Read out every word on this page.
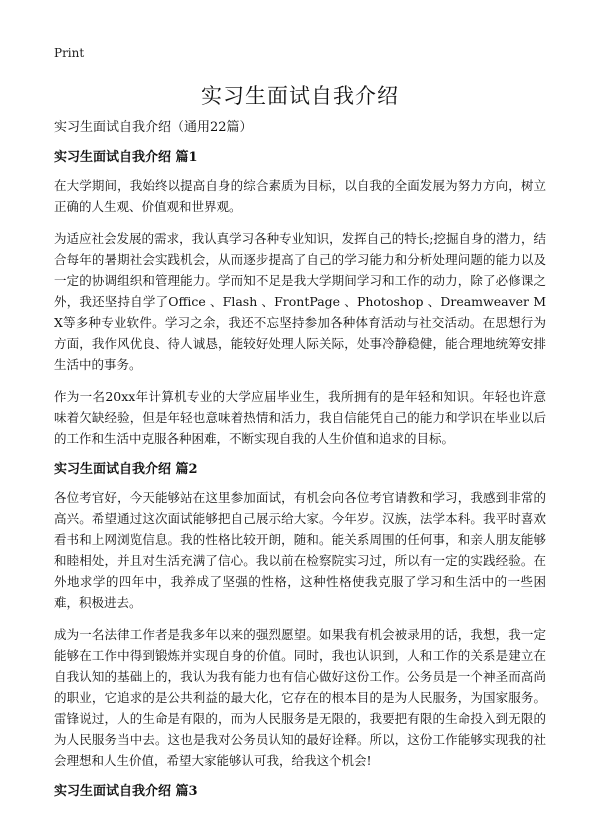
Print
实习生面试自我介绍

实习生面试自我介绍（通用22篇）

实习生面试自我介绍 篇1

在大学期间，我始终以提高自身的综合素质为目标，以自我的全面发展为努力方向，树立正确的人生观、价值观和世界观。

为适应社会发展的需求，我认真学习各种专业知识，发挥自己的特长;挖掘自身的潜力，结合每年的暑期社会实践机会，从而逐步提高了自己的学习能力和分析处理问题的能力以及一定的协调组织和管理能力。学而知不足是我大学期间学习和工作的动力，除了必修课之外，我还坚持自学了Office 、Flash 、FrontPage 、Photoshop 、Dreamweaver MX等多种专业软件。学习之余，我还不忘坚持参加各种体育活动与社交活动。在思想行为方面，我作风优良、待人诚恳，能较好处理人际关际，处事冷静稳健，能合理地统筹安排生活中的事务。

作为一名20xx年计算机专业的大学应届毕业生，我所拥有的是年轻和知识。年轻也许意味着欠缺经验，但是年轻也意味着热情和活力，我自信能凭自己的能力和学识在毕业以后的工作和生活中克服各种困难，不断实现自我的人生价值和追求的目标。

实习生面试自我介绍 篇2

各位考官好，今天能够站在这里参加面试，有机会向各位考官请教和学习，我感到非常的高兴。希望通过这次面试能够把自己展示给大家。今年岁。汉族，法学本科。我平时喜欢看书和上网浏览信息。我的性格比较开朗，随和。能关系周围的任何事，和亲人朋友能够和睦相处，并且对生活充满了信心。我以前在检察院实习过，所以有一定的实践经验。在外地求学的四年中，我养成了坚强的性格，这种性格使我克服了学习和生活中的一些困难，积极进去。

成为一名法律工作者是我多年以来的强烈愿望。如果我有机会被录用的话，我想，我一定能够在工作中得到锻炼并实现自身的价值。同时，我也认识到，人和工作的关系是建立在自我认知的基础上的，我认为我有能力也有信心做好这份工作。公务员是一个神圣而高尚的职业，它追求的是公共利益的最大化，它存在的根本目的是为人民服务，为国家服务。雷锋说过，人的生命是有限的，而为人民服务是无限的，我要把有限的生命投入到无限的为人民服务当中去。这也是我对公务员认知的最好诠释。所以，这份工作能够实现我的社会理想和人生价值，希望大家能够认可我，给我这个机会!

实习生面试自我介绍 篇3
